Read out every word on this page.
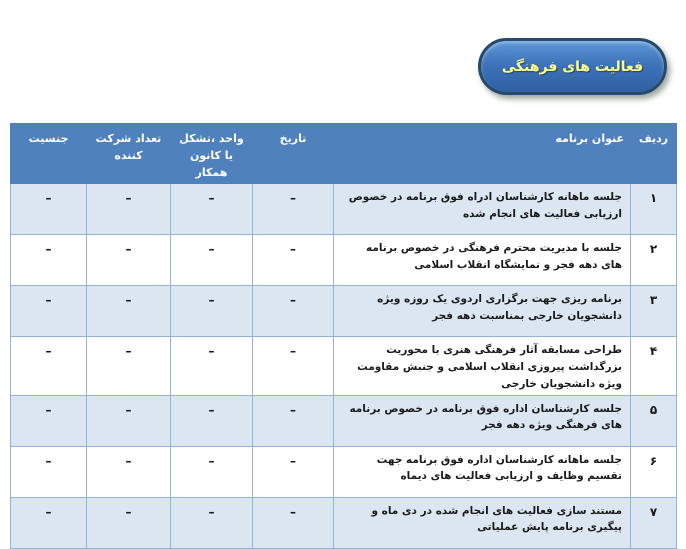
فعالیت های فرهنگی
ردیف	عنوان برنامه	تاریخ	واحد ،تشکل یا کانون همکار	تعداد شرکت کننده	جنسیت
۱	جلسه ماهانه کارشناسان ادراه فوق برنامه در خصوص ارزیابی فعالیت های انجام شده	–	–	–	–
۲	جلسه با مدیریت محترم فرهنگی در خصوص برنامه های دهه فجر و نمایشگاه انقلاب اسلامی	–	–	–	–
۳	برنامه ریزی جهت برگزاری اردوی یک روزه ویژه دانشجویان خارجی بمناسبت دهه فجر	–	–	–	–
۴	طراحی مسابقه آثار فرهنگی هنری با محوریت بزرگداشت پیروزی انقلاب اسلامی و جنبش مقاومت ویژه دانشجویان خارجی	–	–	–	–
۵	جلسه کارشناسان اداره فوق برنامه در خصوص برنامه های فرهنگی ویژه دهه فجر	–	–	–	–
۶	جلسه ماهانه کارشناسان اداره فوق برنامه جهت تقسیم وظایف و ارزیابی فعالیت های دیماه	–	–	–	–
۷	مستند سازی فعالیت های انجام شده در دی ماه و پیگیری برنامه پایش عملیاتی	–	–	–	–
